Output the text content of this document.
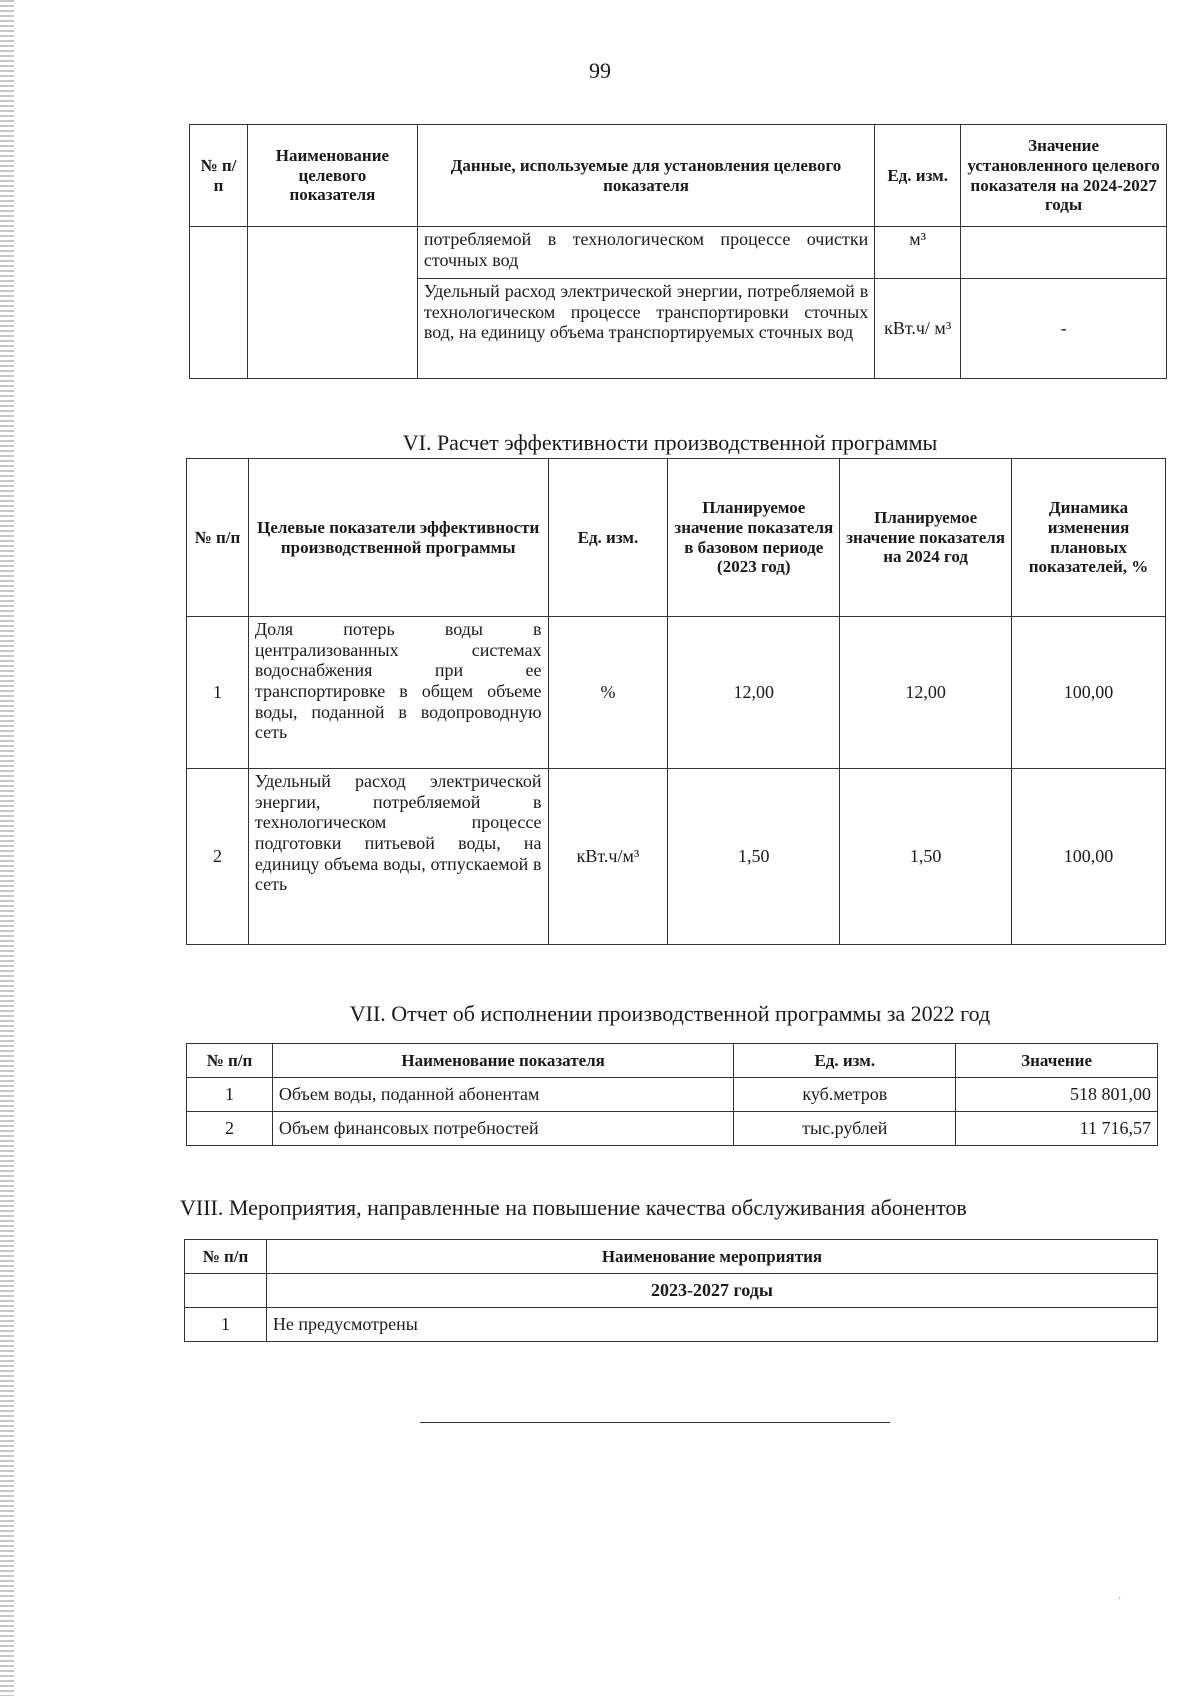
99
№ п/п	Наименование целевого показателя	Данные, используемые для установления целевого показателя	Ед. изм.	Значение установленного целевого показателя на 2024-2027 годы
		потребляемой в технологическом процессе очистки сточных вод	м³	
		Удельный расход электрической энергии, потребляемой в технологическом процессе транспортировки сточных вод, на единицу объема транспортируемых сточных вод	кВт.ч/ м³	-
VI. Расчет эффективности производственной программы
№ п/п	Целевые показатели эффективности производственной программы	Ед. изм.	Планируемое значение показателя в базовом периоде (2023 год)	Планируемое значение показателя на 2024 год	Динамика изменения плановых показателей, %
1	Доля потерь воды в централизованных системах водоснабжения при ее транспортировке в общем объеме воды, поданной в водопроводную сеть	%	12,00	12,00	100,00
2	Удельный расход электрической энергии, потребляемой в технологическом процессе подготовки питьевой воды, на единицу объема воды, отпускаемой в сеть	кВт.ч/м³	1,50	1,50	100,00
VII. Отчет об исполнении производственной программы за 2022 год
№ п/п	Наименование показателя	Ед. изм.	Значение
1	Объем воды, поданной абонентам	куб.метров	518 801,00
2	Объем финансовых потребностей	тыс.рублей	11 716,57
VIII. Мероприятия, направленные на повышение качества обслуживания абонентов
№ п/п	Наименование мероприятия
	2023-2027 годы
1	Не предусмотрены
·
